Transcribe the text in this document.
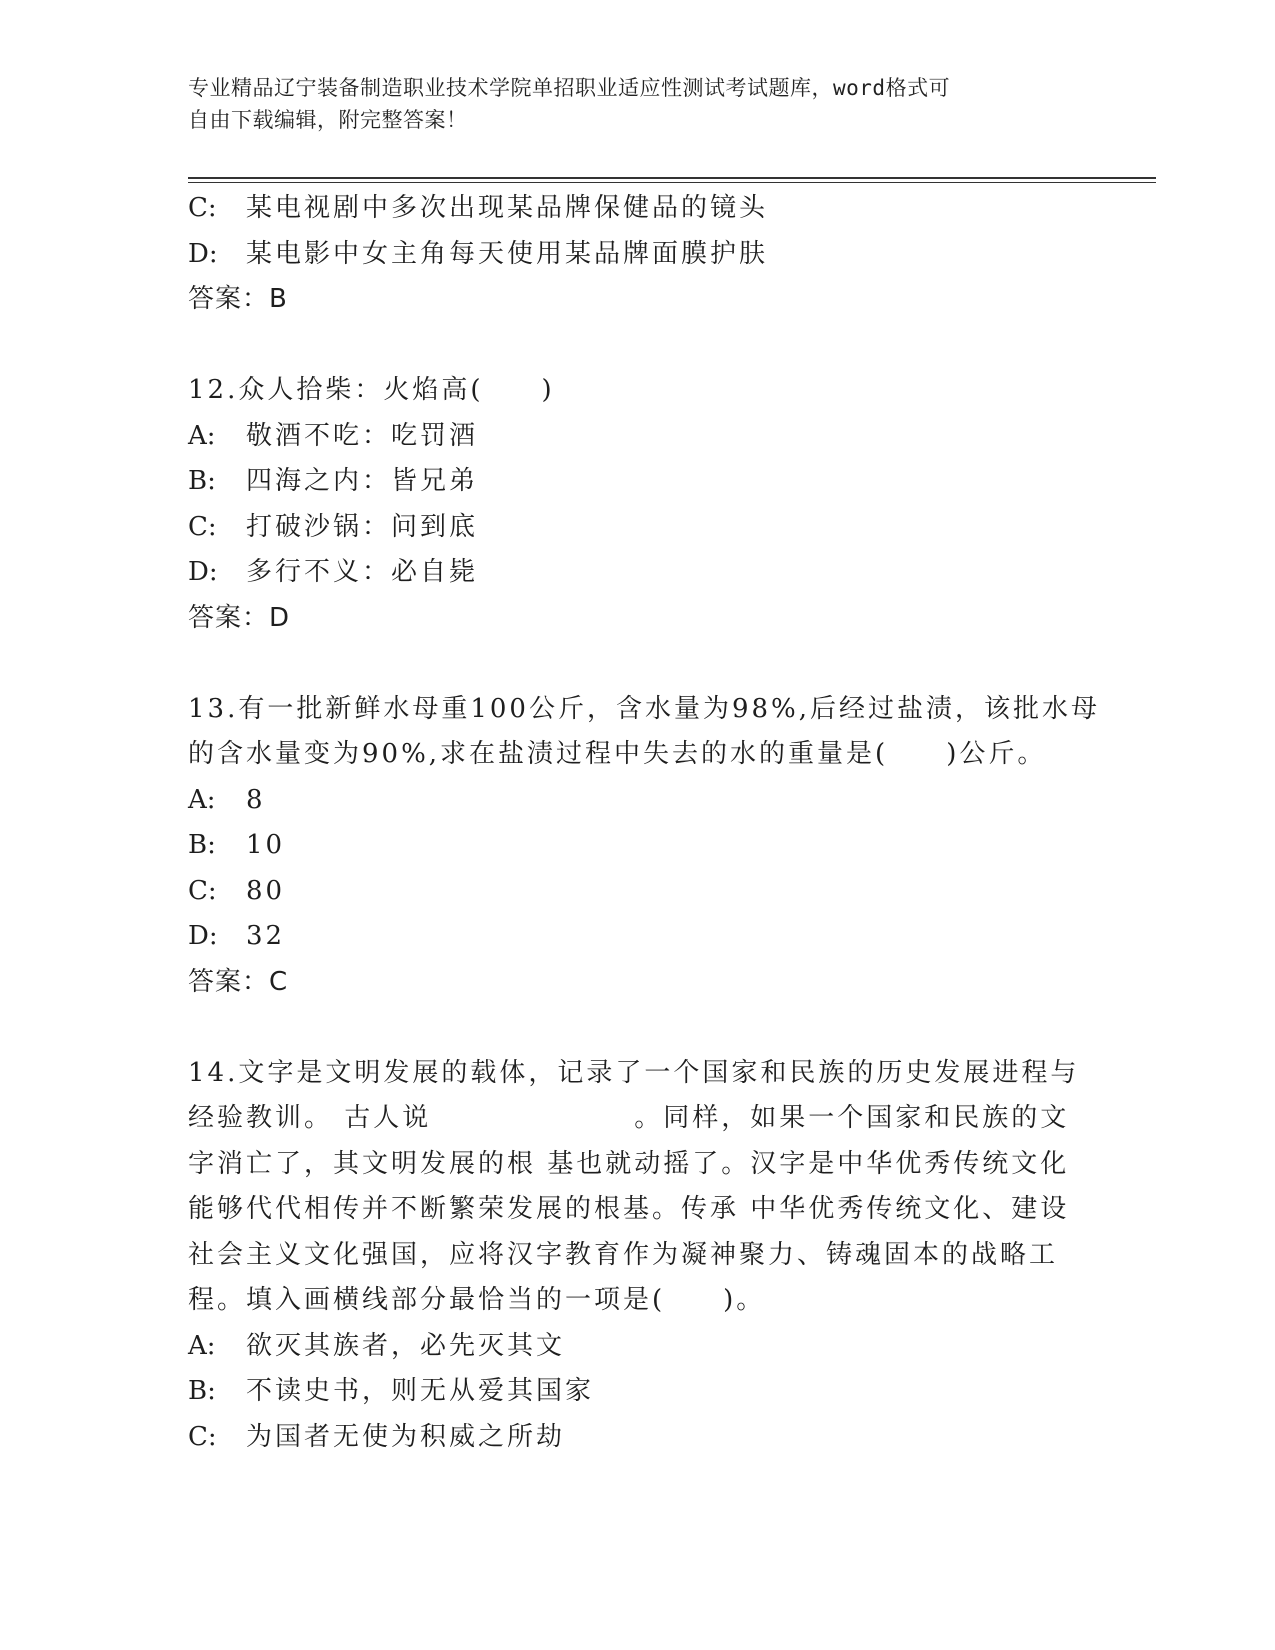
专业精品辽宁装备制造职业技术学院单招职业适应性测试考试题库，word格式可
自由下载编辑，附完整答案！
C: 某电视剧中多次出现某品牌保健品的镜头
D: 某电影中女主角每天使用某品牌面膜护肤
答案：B
12.众人拾柴：火焰高(　　)
A: 敬酒不吃：吃罚酒
B: 四海之内：皆兄弟
C: 打破沙锅：问到底
D: 多行不义：必自毙
答案：D
13.有一批新鲜水母重100公斤，含水量为98%,后经过盐渍，该批水母
的含水量变为90%,求在盐渍过程中失去的水的重量是(　　)公斤。
A: 8
B: 10
C: 80
D: 32
答案：C
14.文字是文明发展的载体，记录了一个国家和民族的历史发展进程与
经验教训。 古人说　　　　　　　。同样，如果一个国家和民族的文
字消亡了，其文明发展的根 基也就动摇了。汉字是中华优秀传统文化
能够代代相传并不断繁荣发展的根基。传承 中华优秀传统文化、建设
社会主义文化强国，应将汉字教育作为凝神聚力、铸魂固本的战略工
程。填入画横线部分最恰当的一项是(　　)。
A: 欲灭其族者，必先灭其文
B: 不读史书，则无从爱其国家
C: 为国者无使为积威之所劫
